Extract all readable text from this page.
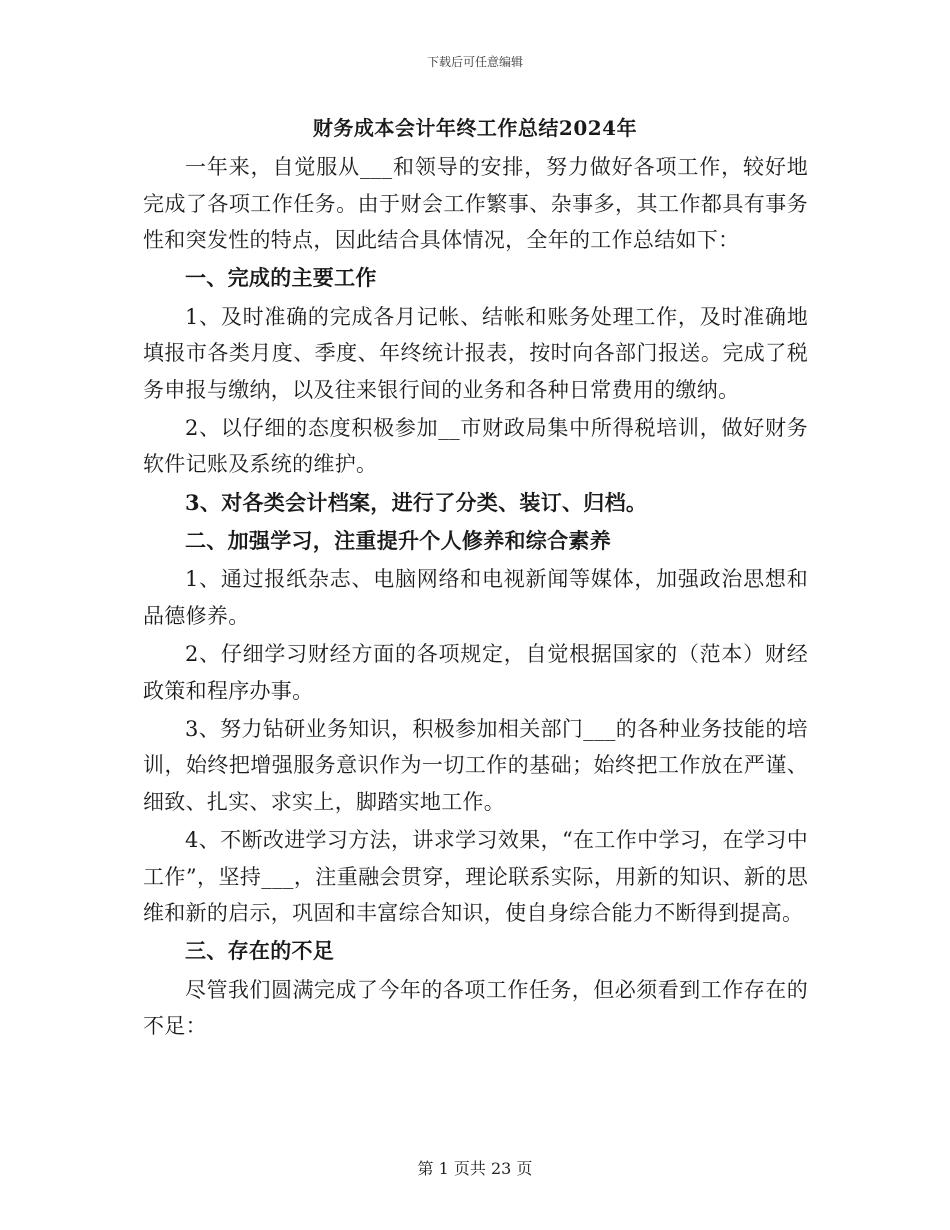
下载后可任意编辑
财务成本会计年终工作总结2024年

一年来，自觉服从___和领导的安排，努力做好各项工作，较好地完成了各项工作任务。由于财会工作繁事、杂事多，其工作都具有事务性和突发性的特点，因此结合具体情况，全年的工作总结如下：

一、完成的主要工作

1、及时准确的完成各月记帐、结帐和账务处理工作，及时准确地填报市各类月度、季度、年终统计报表，按时向各部门报送。完成了税务申报与缴纳，以及往来银行间的业务和各种日常费用的缴纳。

2、以仔细的态度积极参加__市财政局集中所得税培训，做好财务软件记账及系统的维护。

3、对各类会计档案，进行了分类、装订、归档。

二、加强学习，注重提升个人修养和综合素养

1、通过报纸杂志、电脑网络和电视新闻等媒体，加强政治思想和品德修养。

2、仔细学习财经方面的各项规定，自觉根据国家的（范本）财经政策和程序办事。

3、努力钻研业务知识，积极参加相关部门___的各种业务技能的培训，始终把增强服务意识作为一切工作的基础；始终把工作放在严谨、细致、扎实、求实上，脚踏实地工作。

4、不断改进学习方法，讲求学习效果，“在工作中学习，在学习中工作”，坚持___，注重融会贯穿，理论联系实际，用新的知识、新的思维和新的启示，巩固和丰富综合知识，使自身综合能力不断得到提高。

三、存在的不足

尽管我们圆满完成了今年的各项工作任务，但必须看到工作存在的不足：

第 1 页共 23 页
